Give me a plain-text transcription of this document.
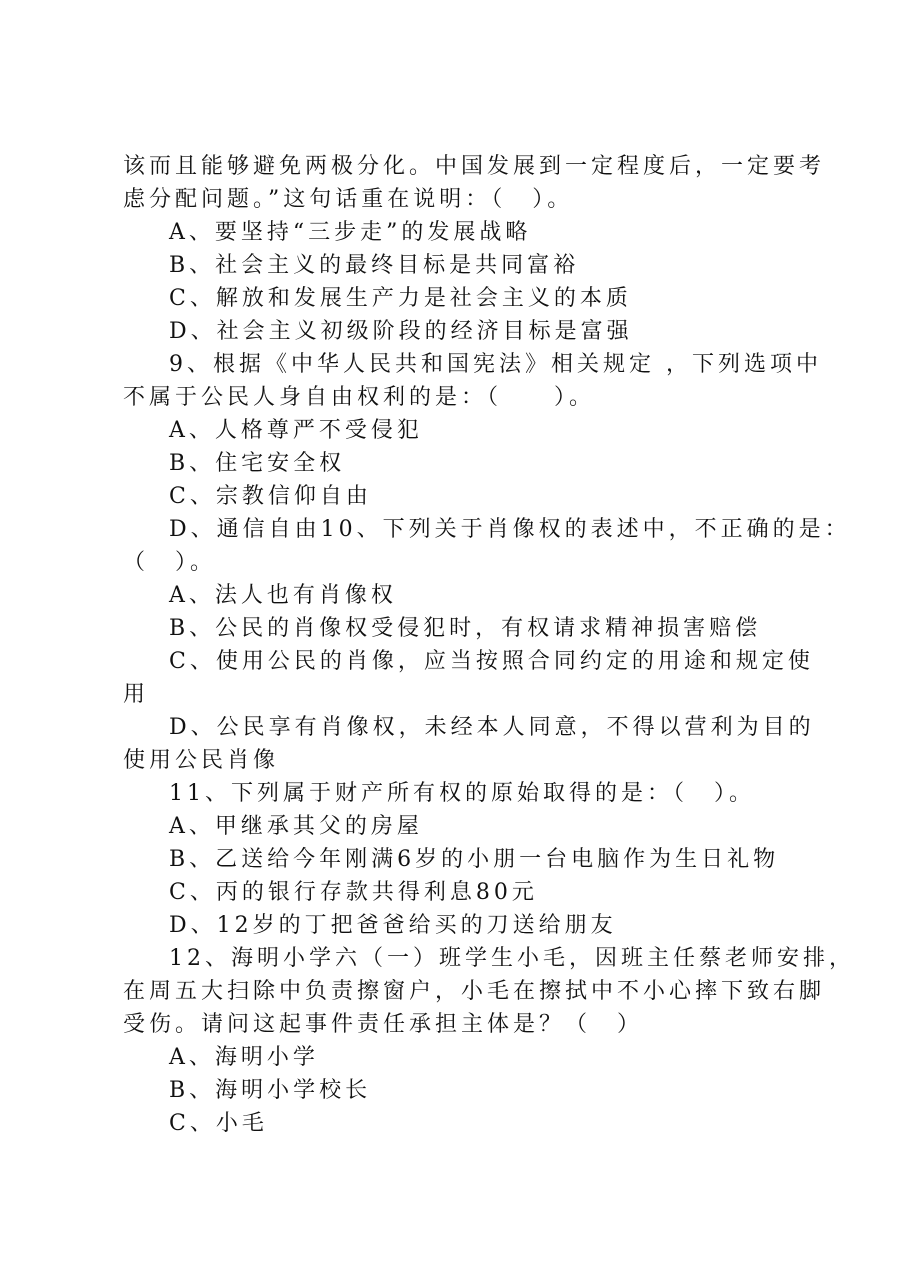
该而且能够避免两极分化。中国发展到一定程度后，一定要考
虑分配问题。”这句话重在说明：（　）。
A、要坚持“三步走”的发展战略
B、社会主义的最终目标是共同富裕
C、解放和发展生产力是社会主义的本质
D、社会主义初级阶段的经济目标是富强
9、根据《中华人民共和国宪法》相关规定 ，下列选项中
不属于公民人身自由权利的是：（　　）。
A、人格尊严不受侵犯
B、住宅安全权
C、宗教信仰自由
D、通信自由10、下列关于肖像权的表述中，不正确的是：
（　）。
A、法人也有肖像权
B、公民的肖像权受侵犯时，有权请求精神损害赔偿
C、使用公民的肖像，应当按照合同约定的用途和规定使
用
D、公民享有肖像权，未经本人同意，不得以营利为目的
使用公民肖像
11、下列属于财产所有权的原始取得的是：（　）。
A、甲继承其父的房屋
B、乙送给今年刚满6岁的小朋一台电脑作为生日礼物
C、丙的银行存款共得利息80元
D、12岁的丁把爸爸给买的刀送给朋友
12、海明小学六（一）班学生小毛，因班主任蔡老师安排，
在周五大扫除中负责擦窗户，小毛在擦拭中不小心摔下致右脚
受伤。请问这起事件责任承担主体是？（　）
A、海明小学
B、海明小学校长
C、小毛
